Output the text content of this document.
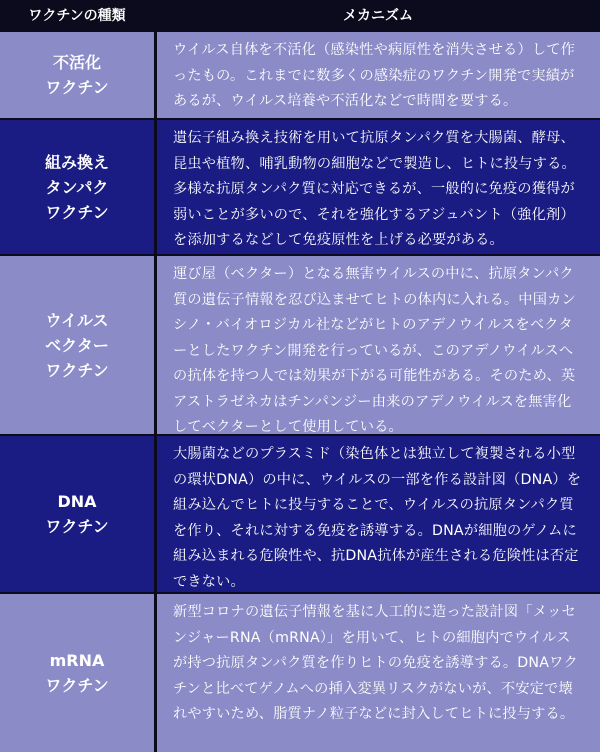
ワクチンの種類	メカニズム
不活化
ワクチン
ウイルス自体を不活化（感染性や病原性を消失させる）して作ったもの。これまでに数多くの感染症のワクチン開発で実績があるが、ウイルス培養や不活化などで時間を要する。
組み換え
タンパク
ワクチン
遺伝子組み換え技術を用いて抗原タンパク質を大腸菌、酵母、昆虫や植物、哺乳動物の細胞などで製造し、ヒトに投与する。多様な抗原タンパク質に対応できるが、一般的に免疫の獲得が弱いことが多いので、それを強化するアジュバント（強化剤）を添加するなどして免疫原性を上げる必要がある。
ウイルス
ベクター
ワクチン
運び屋（ベクター）となる無害ウイルスの中に、抗原タンパク質の遺伝子情報を忍び込ませてヒトの体内に入れる。中国カンシノ・バイオロジカル社などがヒトのアデノウイルスをベクターとしたワクチン開発を行っているが、このアデノウイルスへの抗体を持つ人では効果が下がる可能性がある。そのため、英アストラゼネカはチンパンジー由来のアデノウイルスを無害化してベクターとして使用している。
DNA
ワクチン
大腸菌などのプラスミド（染色体とは独立して複製される小型の環状DNA）の中に、ウイルスの一部を作る設計図（DNA）を組み込んでヒトに投与することで、ウイルスの抗原タンパク質を作り、それに対する免疫を誘導する。DNAが細胞のゲノムに組み込まれる危険性や、抗DNA抗体が産生される危険性は否定できない。
mRNA
ワクチン
新型コロナの遺伝子情報を基に人工的に造った設計図「メッセンジャーRNA（mRNA）」を用いて、ヒトの細胞内でウイルスが持つ抗原タンパク質を作りヒトの免疫を誘導する。DNAワクチンと比べてゲノムへの挿入変異リスクがないが、不安定で壊れやすいため、脂質ナノ粒子などに封入してヒトに投与する。
